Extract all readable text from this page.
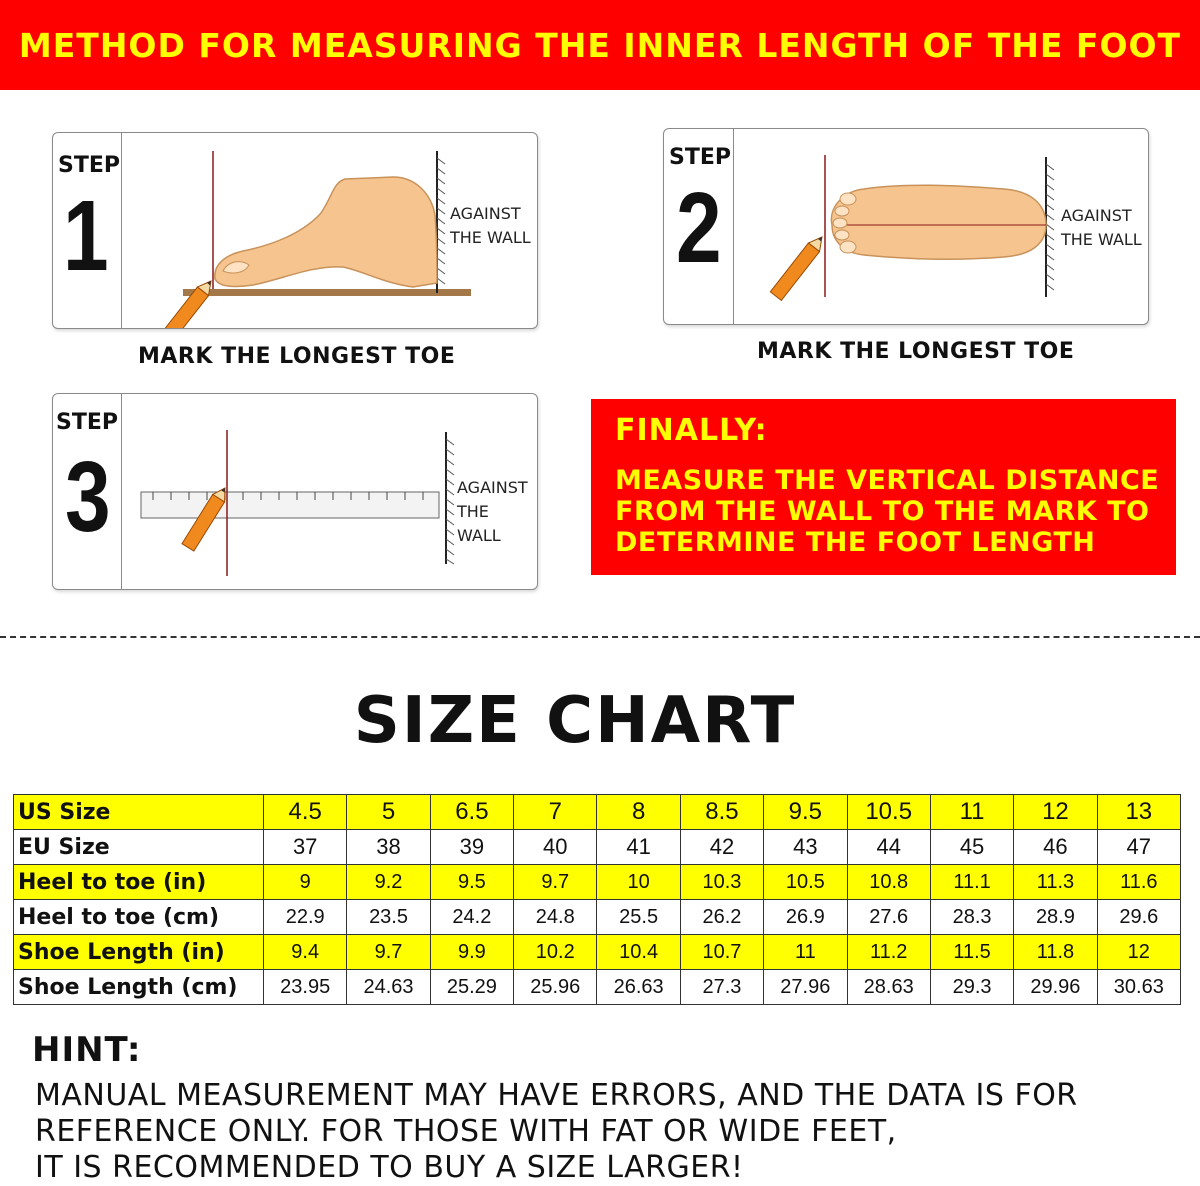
METHOD FOR MEASURING THE INNER LENGTH OF THE FOOT
STEP
1	AGAINST
THE WALL
MARK THE LONGEST TOE
STEP
2	AGAINST
THE WALL
MARK THE LONGEST TOE
STEP
3	AGAINST
THE WALL
FINALLY:
MEASURE THE VERTICAL DISTANCE
FROM THE WALL TO THE MARK TO
DETERMINE THE FOOT LENGTH
SIZE CHART
US Size	4.5	5	6.5	7	8	8.5	9.5	10.5	11	12	13
EU Size	37	38	39	40	41	42	43	44	45	46	47
Heel to toe (in)	9	9.2	9.5	9.7	10	10.3	10.5	10.8	11.1	11.3	11.6
Heel to toe (cm)	22.9	23.5	24.2	24.8	25.5	26.2	26.9	27.6	28.3	28.9	29.6
Shoe Length (in)	9.4	9.7	9.9	10.2	10.4	10.7	11	11.2	11.5	11.8	12
Shoe Length (cm)	23.95	24.63	25.29	25.96	26.63	27.3	27.96	28.63	29.3	29.96	30.63
HINT:
MANUAL MEASUREMENT MAY HAVE ERRORS, AND THE DATA IS FOR
REFERENCE ONLY. FOR THOSE WITH FAT OR WIDE FEET,
IT IS RECOMMENDED TO BUY A SIZE LARGER!
